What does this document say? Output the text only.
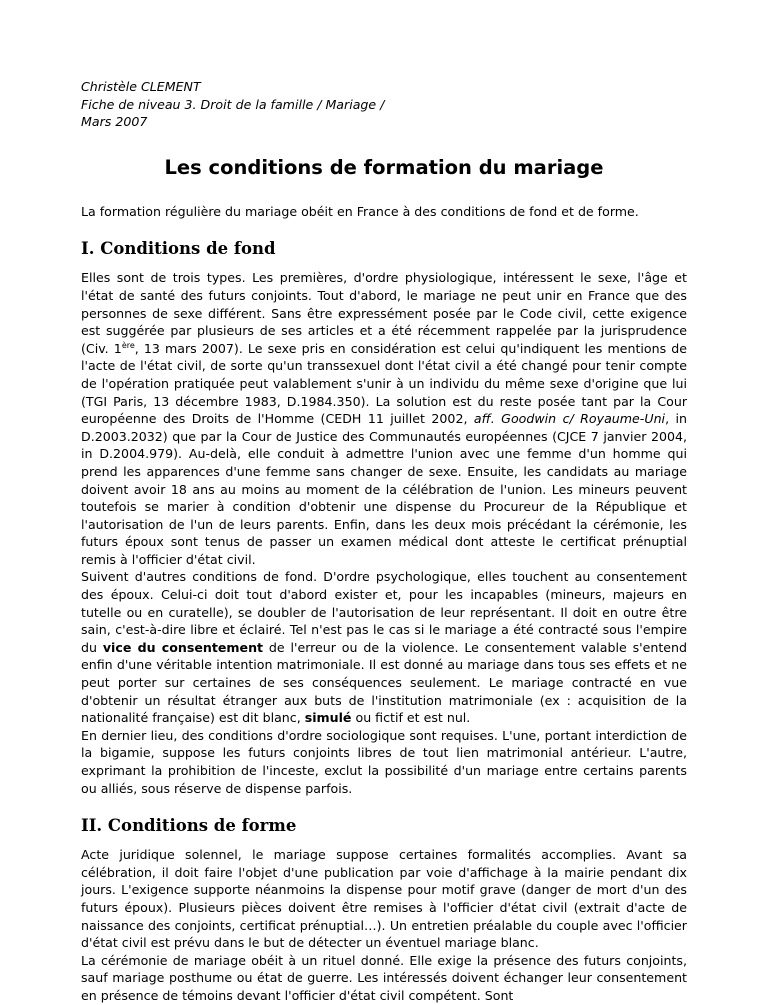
Christèle CLEMENT
Fiche de niveau 3. Droit de la famille / Mariage /
Mars 2007
Les conditions de formation du mariage

La formation régulière du mariage obéit en France à des conditions de fond et de forme.

I. Conditions de fond

Elles sont de trois types. Les premières, d'ordre physiologique, intéressent le sexe, l'âge et l'état de santé des futurs conjoints. Tout d'abord, le mariage ne peut unir en France que des personnes de sexe différent. Sans être expressément posée par le Code civil, cette exigence est suggérée par plusieurs de ses articles et a été récemment rappelée par la jurisprudence (Civ. 1ère, 13 mars 2007). Le sexe pris en considération est celui qu'indiquent les mentions de l'acte de l'état civil, de sorte qu'un transsexuel dont l'état civil a été changé pour tenir compte de l'opération pratiquée peut valablement s'unir à un individu du même sexe d'origine que lui (TGI Paris, 13 décembre 1983, D.1984.350). La solution est du reste posée tant par la Cour européenne des Droits de l'Homme (CEDH 11 juillet 2002, aff. Goodwin c/ Royaume-Uni, in D.2003.2032) que par la Cour de Justice des Communautés européennes (CJCE 7 janvier 2004, in D.2004.979). Au-delà, elle conduit à admettre l'union avec une femme d'un homme qui prend les apparences d'une femme sans changer de sexe. Ensuite, les candidats au mariage doivent avoir 18 ans au moins au moment de la célébration de l'union. Les mineurs peuvent toutefois se marier à condition d'obtenir une dispense du Procureur de la République et l'autorisation de l'un de leurs parents. Enfin, dans les deux mois précédant la cérémonie, les futurs époux sont tenus de passer un examen médical dont atteste le certificat prénuptial remis à l'officier d'état civil.

Suivent d'autres conditions de fond. D'ordre psychologique, elles touchent au consentement des époux. Celui-ci doit tout d'abord exister et, pour les incapables (mineurs, majeurs en tutelle ou en curatelle), se doubler de l'autorisation de leur représentant. Il doit en outre être sain, c'est-à-dire libre et éclairé. Tel n'est pas le cas si le mariage a été contracté sous l'empire du vice du consentement de l'erreur ou de la violence. Le consentement valable s'entend enfin d'une véritable intention matrimoniale. Il est donné au mariage dans tous ses effets et ne peut porter sur certaines de ses conséquences seulement. Le mariage contracté en vue d'obtenir un résultat étranger aux buts de l'institution matrimoniale (ex : acquisition de la nationalité française) est dit blanc, simulé ou fictif et est nul.

En dernier lieu, des conditions d'ordre sociologique sont requises. L'une, portant interdiction de la bigamie, suppose les futurs conjoints libres de tout lien matrimonial antérieur. L'autre, exprimant la prohibition de l'inceste, exclut la possibilité d'un mariage entre certains parents ou alliés, sous réserve de dispense parfois.

II. Conditions de forme

Acte juridique solennel, le mariage suppose certaines formalités accomplies. Avant sa célébration, il doit faire l'objet d'une publication par voie d'affichage à la mairie pendant dix jours. L'exigence supporte néanmoins la dispense pour motif grave (danger de mort d'un des futurs époux). Plusieurs pièces doivent être remises à l'officier d'état civil (extrait d'acte de naissance des conjoints, certificat prénuptial…). Un entretien préalable du couple avec l'officier d'état civil est prévu dans le but de détecter un éventuel mariage blanc.

La cérémonie de mariage obéit à un rituel donné. Elle exige la présence des futurs conjoints, sauf mariage posthume ou état de guerre. Les intéressés doivent échanger leur consentement en présence de témoins devant l'officier d'état civil compétent. Sont
